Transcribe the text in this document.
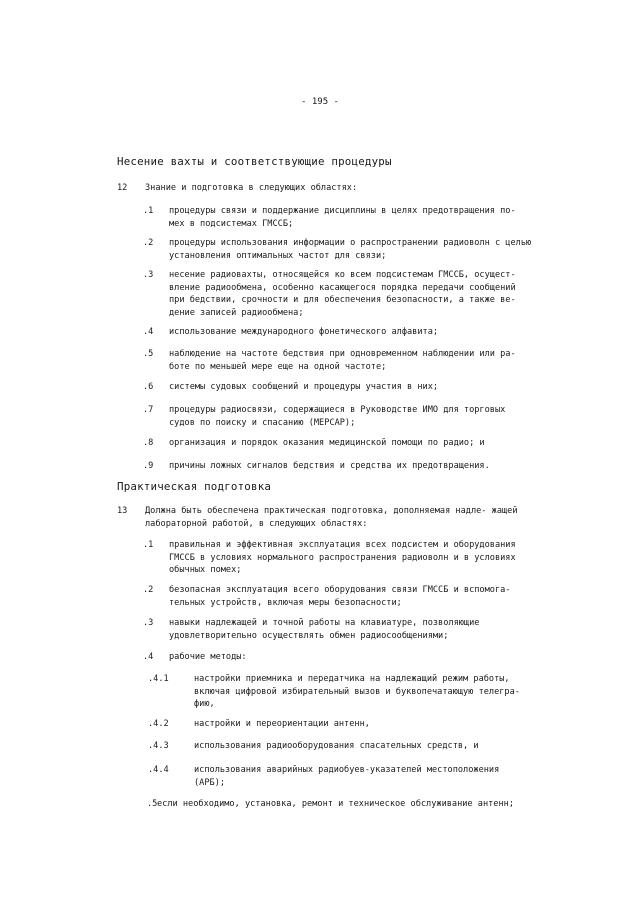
- 195 -
Несение вахты и соответствующие процедуры
12 Знание и подготовка в следующих областях:
.1 процедуры связи и поддержание дисциплины в целях предотвращения по- мех в подсистемах ГМССБ;
.2 процедуры использования информации о распространении радиоволн с целью установления оптимальных частот для связи;
.3 несение радиовахты, относящейся ко всем подсистемам ГМССБ, осущест- вление радиообмена, особенно касающегося порядка передачи сообщений при бедствии, срочности и для обеспечения безопасности, а также ве- дение записей радиообмена;
.4 использование международного фонетического алфавита;
.5 наблюдение на частоте бедствия при одновременном наблюдении или ра- боте по меньшей мере еще на одной частоте;
.6 системы судовых сообщений и процедуры участия в них;
.7 процедуры радиосвязи, содержащиеся в Руководстве ИМО для торговых судов по поиску и спасанию (МЕРСАР);
.8 организация и порядок оказания медицинской помощи по радио; и
.9 причины ложных сигналов бедствия и средства их предотвращения.
Практическая подготовка
13 Должна быть обеспечена практическая подготовка, дополняемая надле- жащей лабораторной работой, в следующих областях:
.1 правильная и эффективная эксплуатация всех подсистем и оборудования ГМССБ в условиях нормального распространения радиоволн и в условиях обычных помех;
.2 безопасная эксплуатация всего оборудования связи ГМССБ и вспомога- тельных устройств, включая меры безопасности;
.3 навыки надлежащей и точной работы на клавиатуре, позволяющие удовлетворительно осуществлять обмен радиосообщениями;
.4 рабочие методы:
.4.1	настройки приемника и передатчика на надлежащий режим работы, включая цифровой избирательный вызов и буквопечатающую телегра- фию,
.4.2	настройки и переориентации антенн,
.4.3	использования радиооборудования спасательных средств, и
.4.4	использования аварийных радиобуев-указателей местоположения (АРБ);
.5 если необходимо, установка, ремонт и техническое обслуживание антенн;
